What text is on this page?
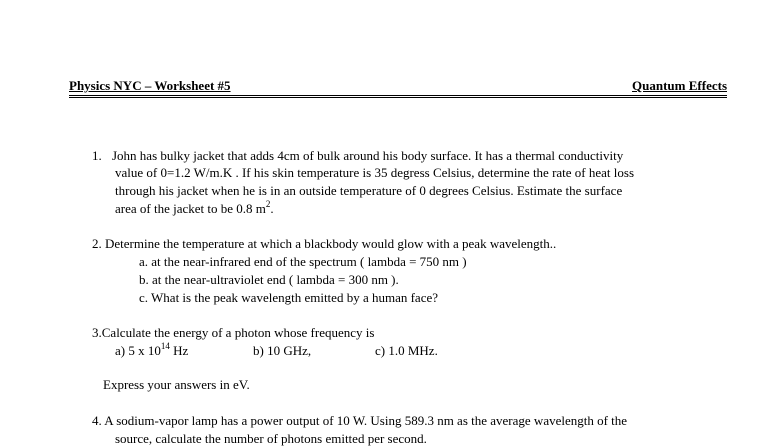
Physics NYC – Worksheet #5	Quantum Effects
1. John has bulky jacket that adds 4cm of bulk around his body surface. It has a thermal conductivity
value of 0=1.2 W/m.K . If his skin temperature is 35 degress Celsius, determine the rate of heat loss
through his jacket when he is in an outside temperature of 0 degrees Celsius. Estimate the surface
area of the jacket to be 0.8 $m^2$.
2. Determine the temperature at which a blackbody would glow with a peak wavelength..
a. at the near-infrared end of the spectrum ( lambda = 750 nm )
b. at the near-ultraviolet end ( lambda = 300 nm ).
c. What is the peak wavelength emitted by a human face?
3.Calculate the energy of a photon whose frequency is
a) 5 x $10^{14}$ Hz	b) 10 GHz,	c) 1.0 MHz.
Express your answers in eV.
4. A sodium-vapor lamp has a power output of 10 W. Using 589.3 nm as the average wavelength of the
source, calculate the number of photons emitted per second.
